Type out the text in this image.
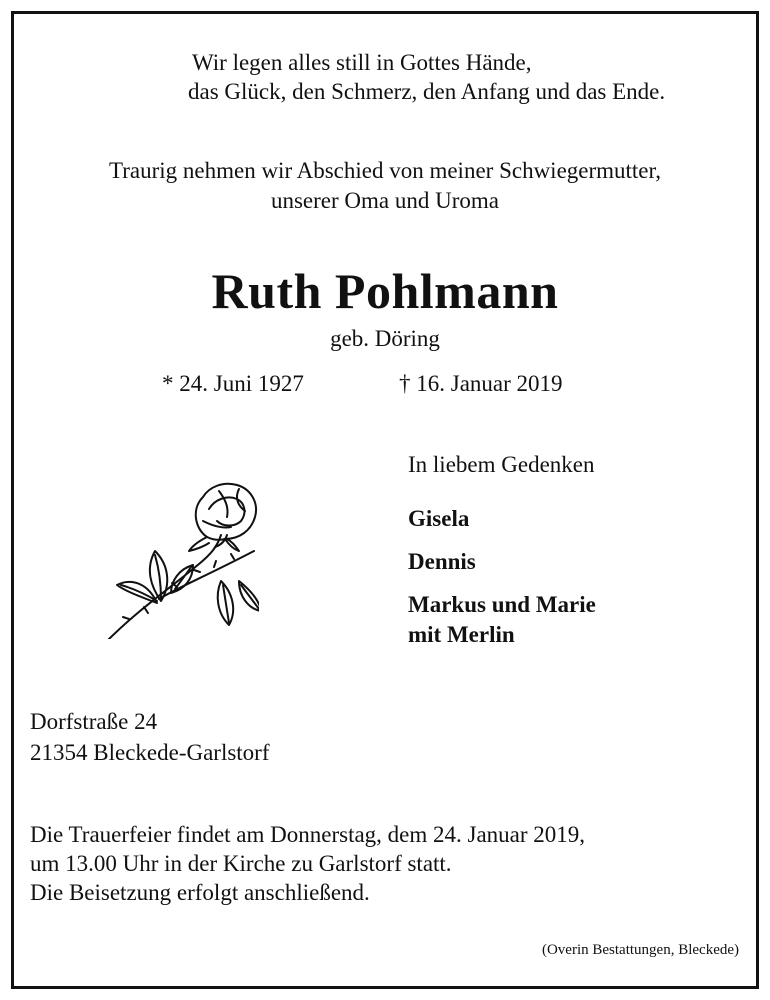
Wir legen alles still in Gottes Hände,
das Glück, den Schmerz, den Anfang und das Ende.
Traurig nehmen wir Abschied von meiner Schwiegermutter,
unserer Oma und Uroma
Ruth Pohlmann
geb. Döring
* 24. Juni 1927	† 16. Januar 2019
In liebem Gedenken
Gisela
Dennis
Markus und Marie
mit Merlin
Dorfstraße 24
21354 Bleckede-Garlstorf
Die Trauerfeier findet am Donnerstag, dem 24. Januar 2019,
um 13.00 Uhr in der Kirche zu Garlstorf statt.
Die Beisetzung erfolgt anschließend.
(Overin Bestattungen, Bleckede)
